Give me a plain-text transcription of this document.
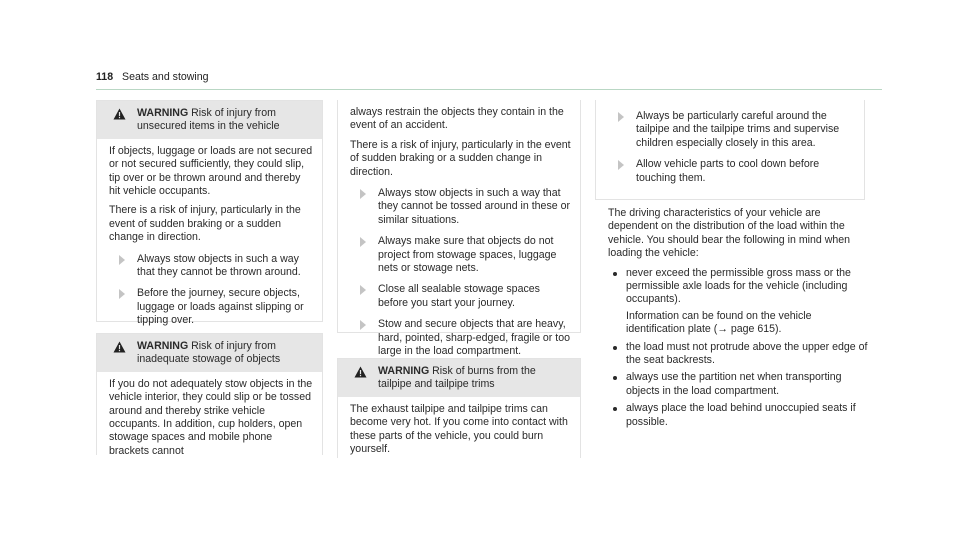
118 Seats and stowing
WARNING Risk of injury from unsecured items in the vehicle

If objects, luggage or loads are not secured or not secured sufficiently, they could slip, tip over or be thrown around and thereby hit vehicle occupants.

There is a risk of injury, particularly in the event of sudden braking or a sudden change in direction.

Always stow objects in such a way that they cannot be thrown around.
Before the journey, secure objects, luggage or loads against slipping or tipping over.
WARNING Risk of injury from inadequate stowage of objects

If you do not adequately stow objects in the vehicle interior, they could slip or be tossed around and thereby strike vehicle occupants. In addition, cup holders, open stowage spaces and mobile phone brackets cannot

always restrain the objects they contain in the event of an accident.

There is a risk of injury, particularly in the event of sudden braking or a sudden change in direction.

Always stow objects in such a way that they cannot be tossed around in these or similar situations.
Always make sure that objects do not project from stowage spaces, luggage nets or stowage nets.
Close all sealable stowage spaces before you start your journey.
Stow and secure objects that are heavy, hard, pointed, sharp-edged, fragile or too large in the load compartment.
WARNING Risk of burns from the tailpipe and tailpipe trims

The exhaust tailpipe and tailpipe trims can become very hot. If you come into contact with these parts of the vehicle, you could burn yourself.

Always be particularly careful around the tailpipe and the tailpipe trims and supervise children especially closely in this area.
Allow vehicle parts to cool down before touching them.

The driving characteristics of your vehicle are dependent on the distribution of the load within the vehicle. You should bear the following in mind when loading the vehicle:

never exceed the permissible gross mass or the permissible axle loads for the vehicle (including occupants).
Information can be found on the vehicle identification plate (→ page 615).
the load must not protrude above the upper edge of the seat backrests.
always use the partition net when transporting objects in the load compartment.
always place the load behind unoccupied seats if possible.
